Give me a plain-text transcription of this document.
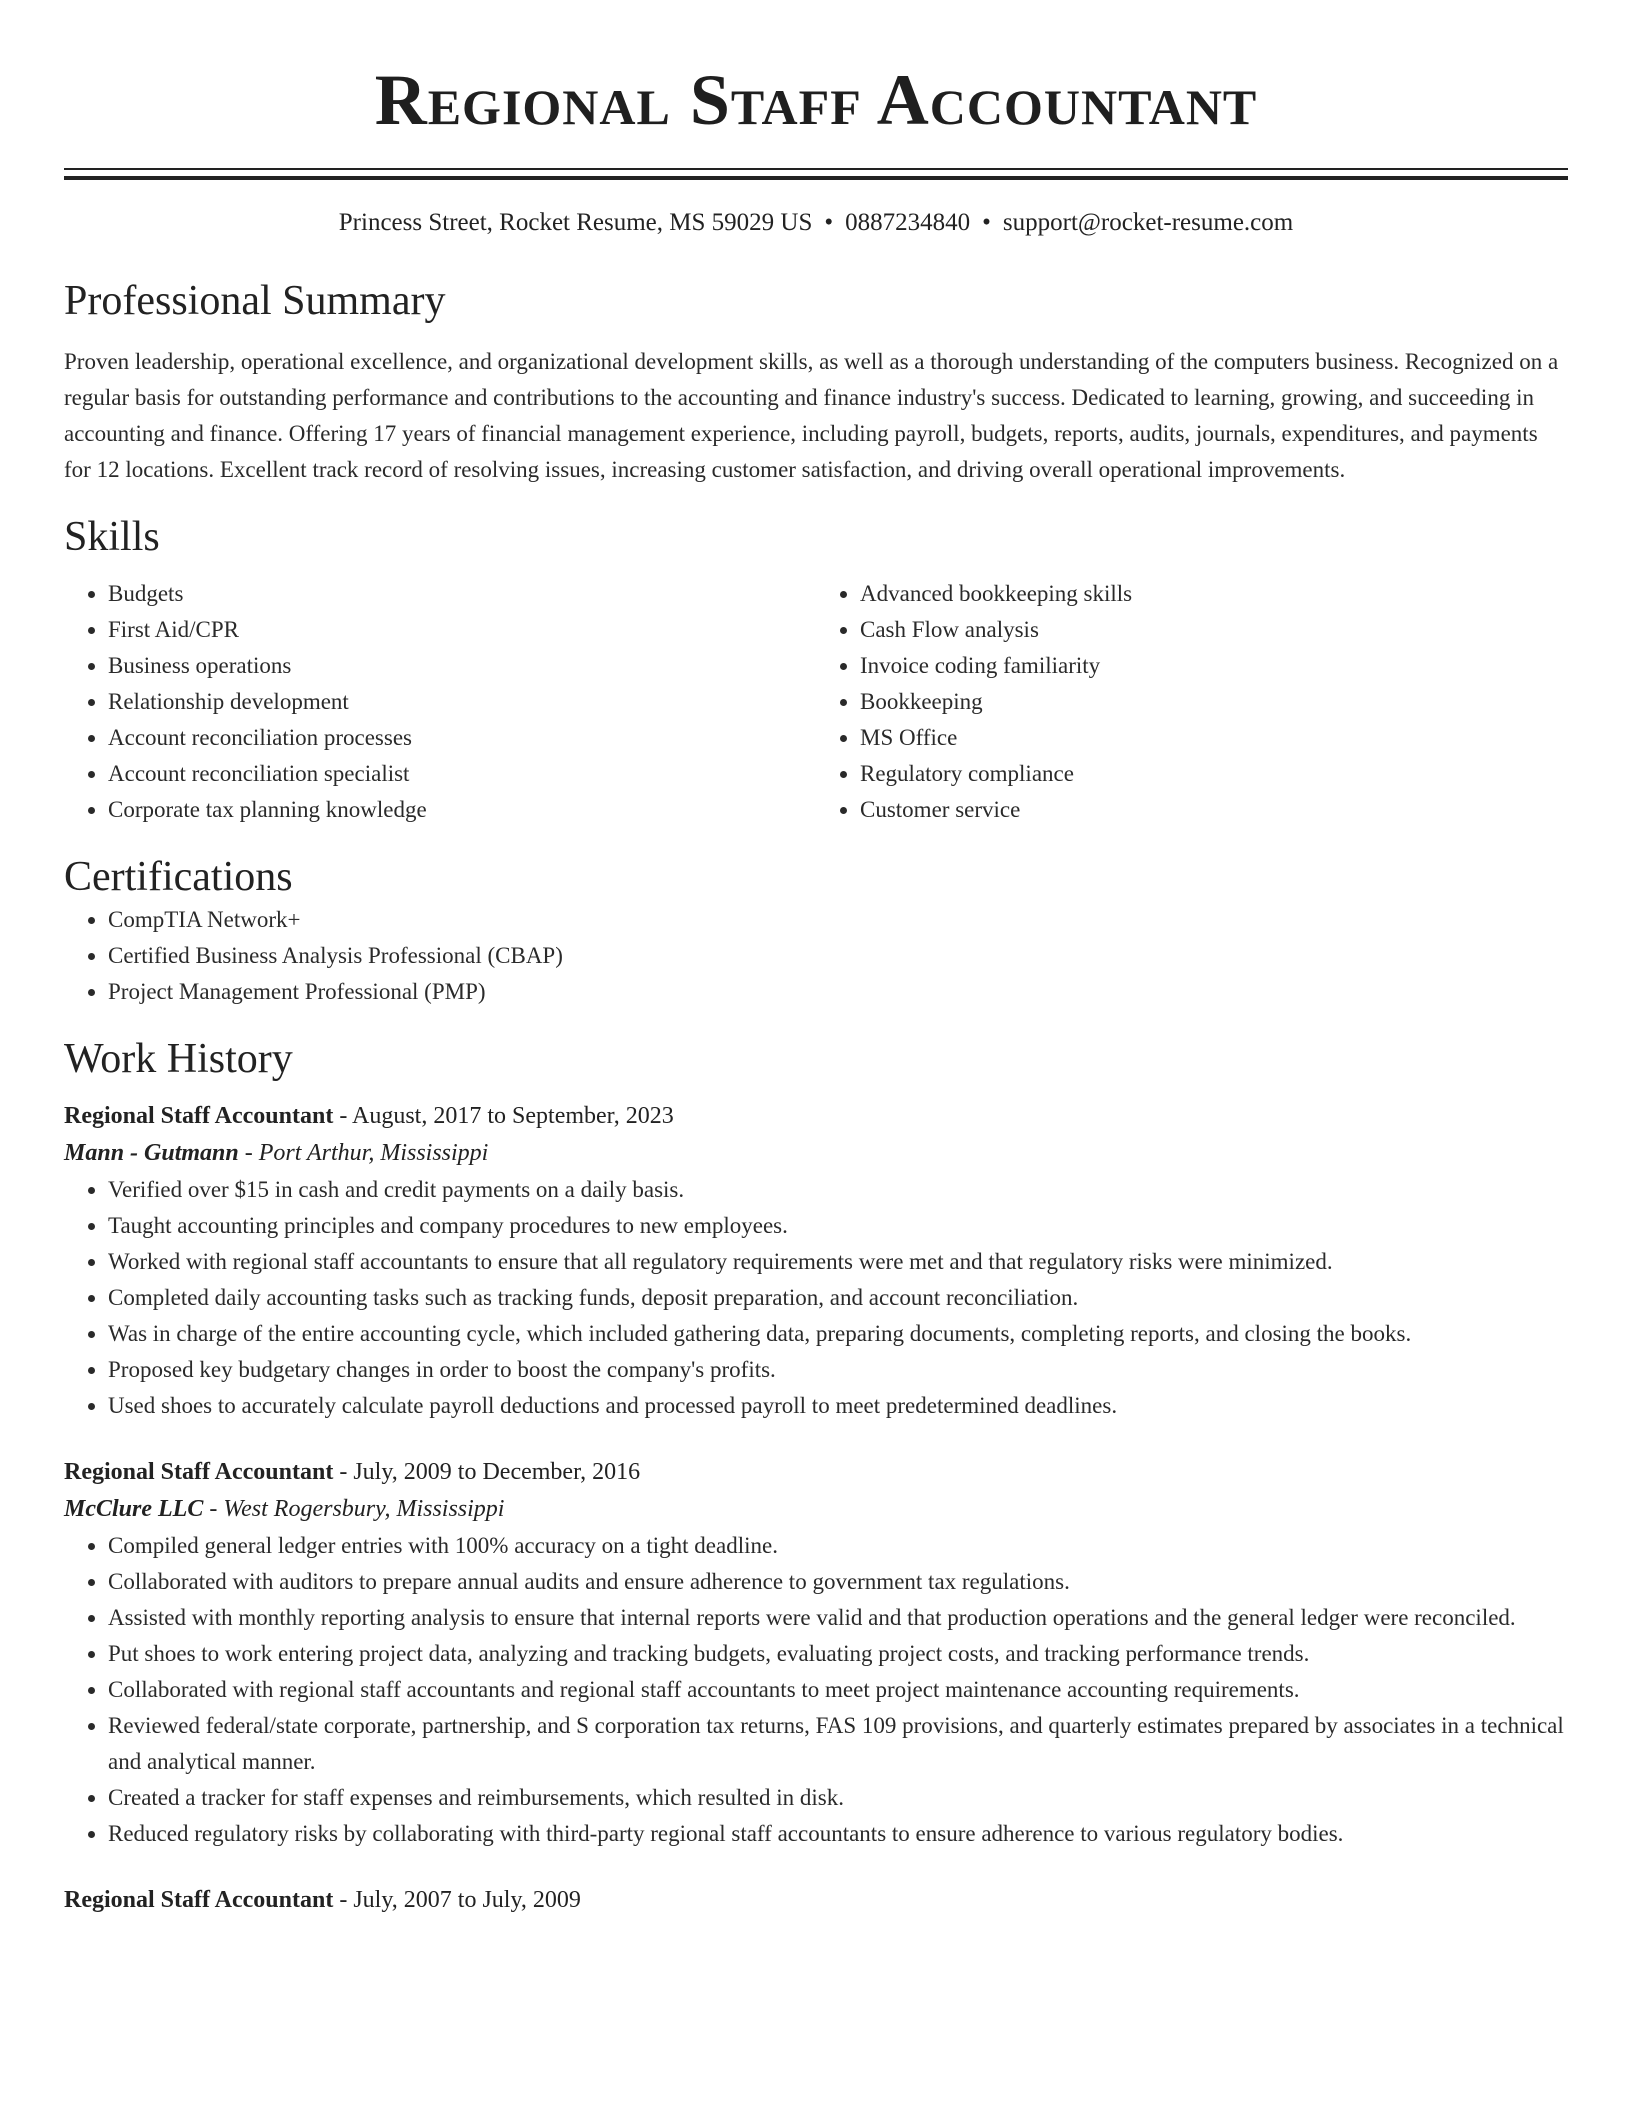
Regional Staff Accountant
Princess Street, Rocket Resume, MS 59029 US • 0887234840 • support@rocket-resume.com
Professional Summary
Proven leadership, operational excellence, and organizational development skills, as well as a thorough understanding of the computers business. Recognized on a regular basis for outstanding performance and contributions to the accounting and finance industry's success. Dedicated to learning, growing, and succeeding in accounting and finance. Offering 17 years of financial management experience, including payroll, budgets, reports, audits, journals, expenditures, and payments for 12 locations. Excellent track record of resolving issues, increasing customer satisfaction, and driving overall operational improvements.
Skills
• Budgets
• First Aid/CPR
• Business operations
• Relationship development
• Account reconciliation processes
• Account reconciliation specialist
• Corporate tax planning knowledge
• Advanced bookkeeping skills
• Cash Flow analysis
• Invoice coding familiarity
• Bookkeeping
• MS Office
• Regulatory compliance
• Customer service
Certifications
• CompTIA Network+
• Certified Business Analysis Professional (CBAP)
• Project Management Professional (PMP)
Work History
Regional Staff Accountant - August, 2017 to September, 2023
Mann - Gutmann - Port Arthur, Mississippi
• Verified over $15 in cash and credit payments on a daily basis.
• Taught accounting principles and company procedures to new employees.
• Worked with regional staff accountants to ensure that all regulatory requirements were met and that regulatory risks were minimized.
• Completed daily accounting tasks such as tracking funds, deposit preparation, and account reconciliation.
• Was in charge of the entire accounting cycle, which included gathering data, preparing documents, completing reports, and closing the books.
• Proposed key budgetary changes in order to boost the company's profits.
• Used shoes to accurately calculate payroll deductions and processed payroll to meet predetermined deadlines.
Regional Staff Accountant - July, 2009 to December, 2016
McClure LLC - West Rogersbury, Mississippi
• Compiled general ledger entries with 100% accuracy on a tight deadline.
• Collaborated with auditors to prepare annual audits and ensure adherence to government tax regulations.
• Assisted with monthly reporting analysis to ensure that internal reports were valid and that production operations and the general ledger were reconciled.
• Put shoes to work entering project data, analyzing and tracking budgets, evaluating project costs, and tracking performance trends.
• Collaborated with regional staff accountants and regional staff accountants to meet project maintenance accounting requirements.
• Reviewed federal/state corporate, partnership, and S corporation tax returns, FAS 109 provisions, and quarterly estimates prepared by associates in a technical and analytical manner.
• Created a tracker for staff expenses and reimbursements, which resulted in disk.
• Reduced regulatory risks by collaborating with third-party regional staff accountants to ensure adherence to various regulatory bodies.
Regional Staff Accountant - July, 2007 to July, 2009
